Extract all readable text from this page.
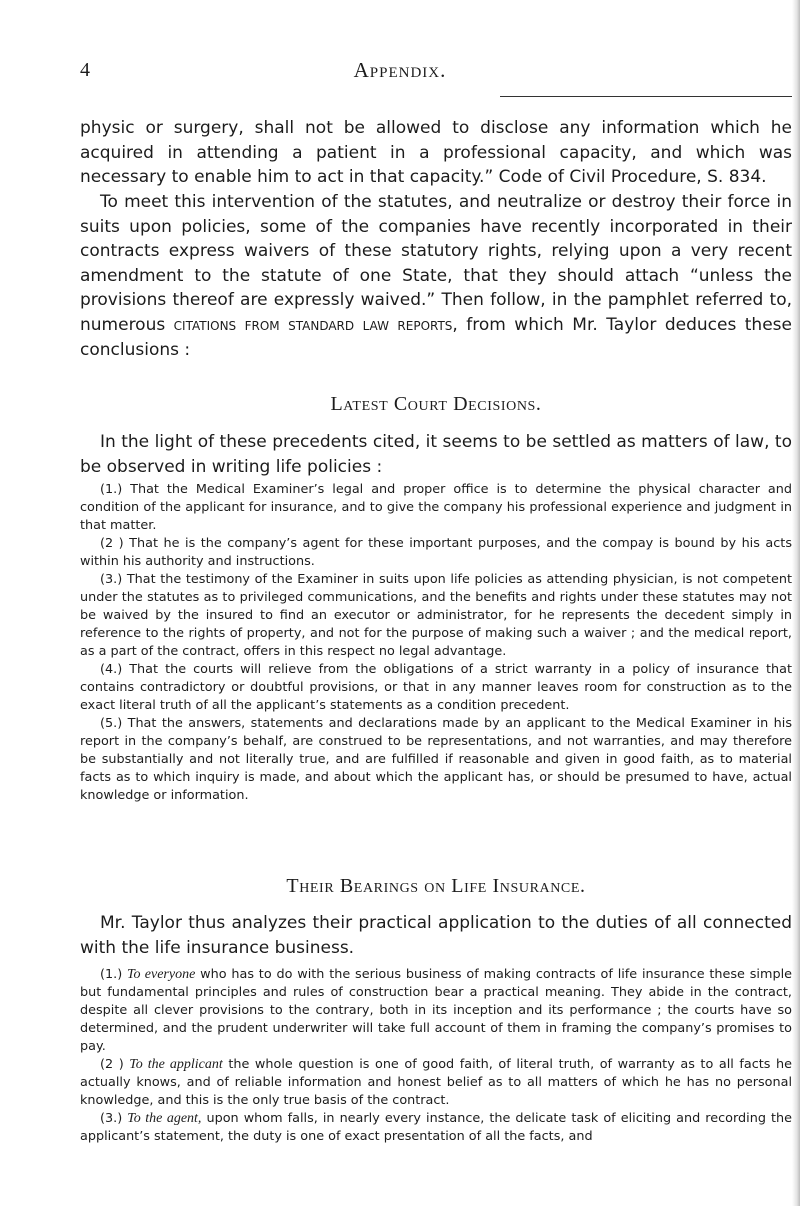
4	Appendix.

physic or surgery, shall not be allowed to disclose any information which he acquired in attending a patient in a professional capacity, and which was necessary to enable him to act in that capacity.” Code of Civil Procedure, S. 834.

To meet this intervention of the statutes, and neutralize or destroy their force in suits upon policies, some of the companies have recently incorporated in their contracts express waivers of these statutory rights, relying upon a very recent amendment to the statute of one State, that they should attach “unless the provisions thereof are expressly waived.” Then follow, in the pamphlet referred to, numerous citations from standard law reports, from which Mr. Taylor deduces these conclusions :

Latest Court Decisions.

In the light of these precedents cited, it seems to be settled as matters of law, to be observed in writing life policies :

(1.) That the Medical Examiner’s legal and proper office is to determine the physical character and condition of the applicant for insurance, and to give the company his professional experience and judgment in that matter.

(2 ) That he is the company’s agent for these important purposes, and the compay is bound by his acts within his authority and instructions.

(3.) That the testimony of the Examiner in suits upon life policies as attending physician, is not competent under the statutes as to privileged communications, and the benefits and rights under these statutes may not be waived by the insured to find an executor or administrator, for he represents the decedent simply in reference to the rights of property, and not for the purpose of making such a waiver ; and the medical report, as a part of the contract, offers in this respect no legal advantage.

(4.) That the courts will relieve from the obligations of a strict warranty in a policy of insurance that contains contradictory or doubtful provisions, or that in any manner leaves room for construction as to the exact literal truth of all the applicant’s statements as a condition precedent.

(5.) That the answers, statements and declarations made by an applicant to the Medical Examiner in his report in the company’s behalf, are construed to be representations, and not warranties, and may therefore be substantially and not literally true, and are fulfilled if reasonable and given in good faith, as to material facts as to which inquiry is made, and about which the applicant has, or should be presumed to have, actual knowledge or information.

Their Bearings on Life Insurance.

Mr. Taylor thus analyzes their practical application to the duties of all connected with the life insurance business.

(1.) To everyone who has to do with the serious business of making contracts of life insurance these simple but fundamental principles and rules of construction bear a practical meaning. They abide in the contract, despite all clever provisions to the contrary, both in its inception and its performance ; the courts have so determined, and the prudent underwriter will take full account of them in framing the company’s promises to pay.

(2 ) To the applicant the whole question is one of good faith, of literal truth, of warranty as to all facts he actually knows, and of reliable information and honest belief as to all matters of which he has no personal knowledge, and this is the only true basis of the contract.

(3.) To the agent, upon whom falls, in nearly every instance, the delicate task of eliciting and recording the applicant’s statement, the duty is one of exact presentation of all the facts, and
